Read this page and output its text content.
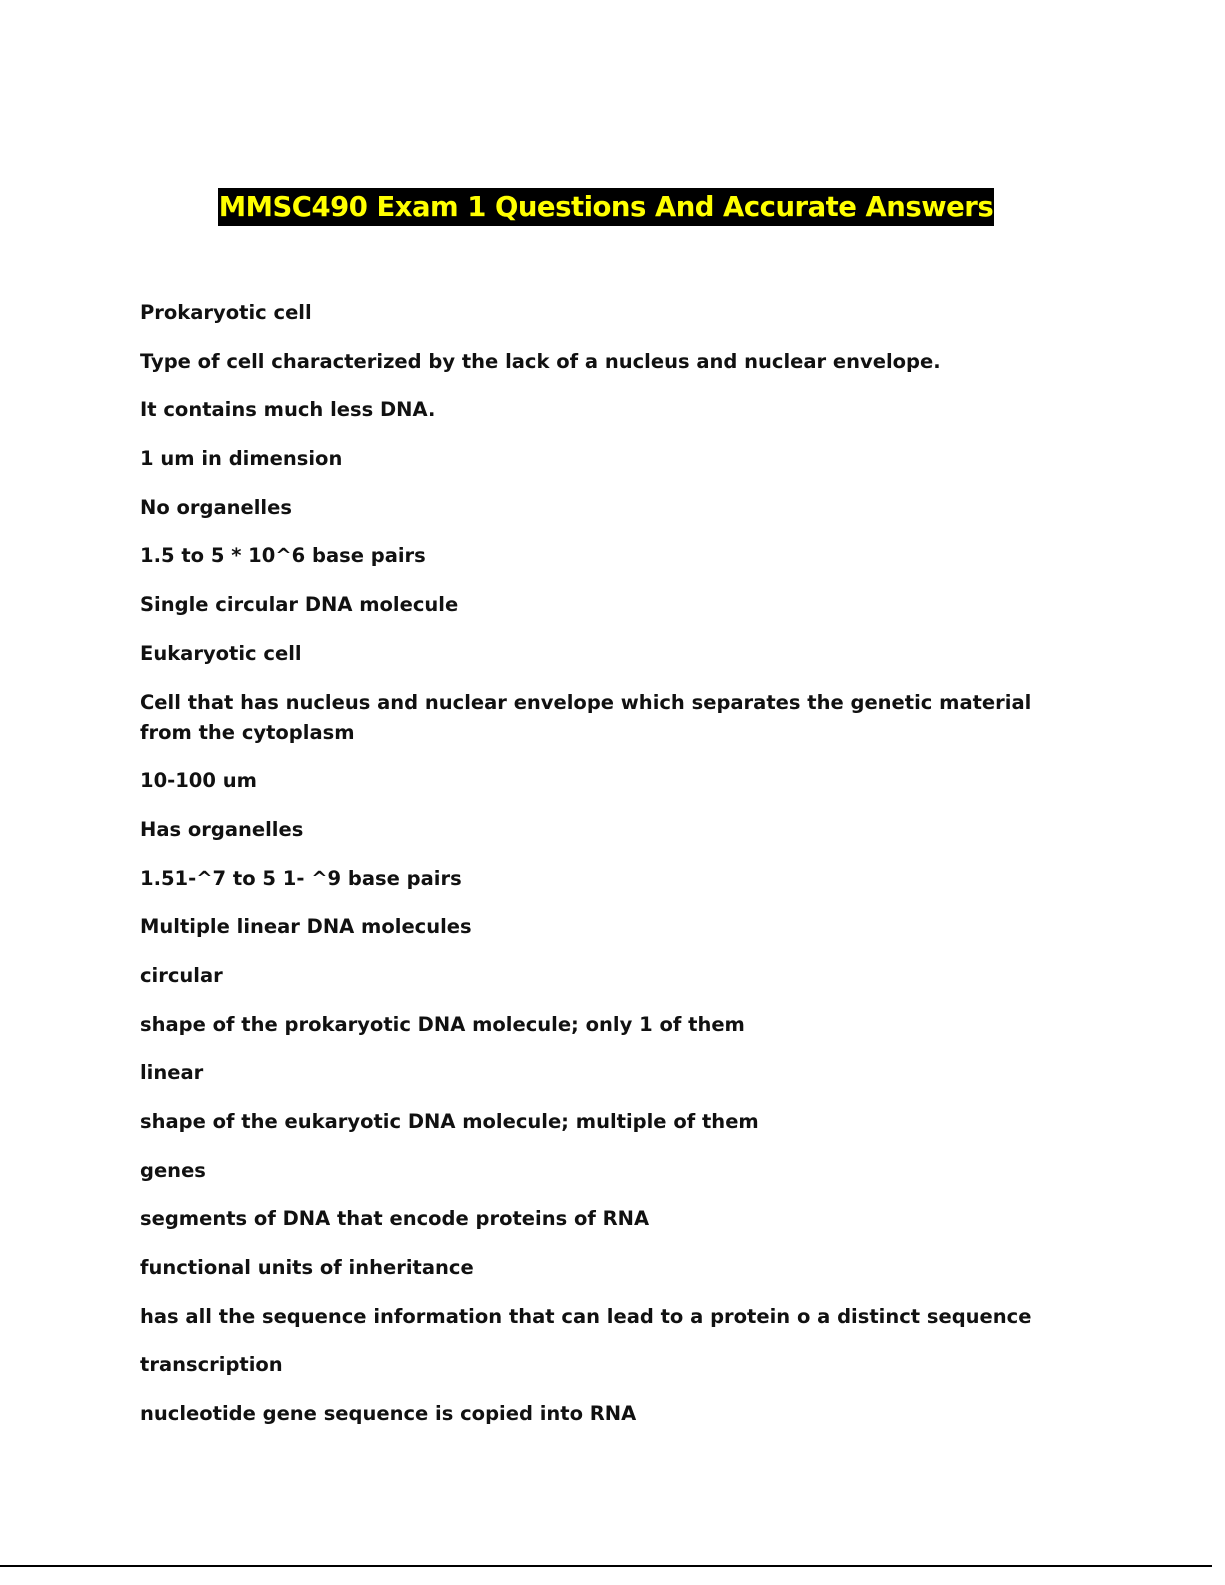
MMSC490 Exam 1 Questions And Accurate Answers
Prokaryotic cell
Type of cell characterized by the lack of a nucleus and nuclear envelope.
It contains much less DNA.
1 um in dimension
No organelles
1.5 to 5 * 10^6 base pairs
Single circular DNA molecule
Eukaryotic cell
Cell that has nucleus and nuclear envelope which separates the genetic material from the cytoplasm
10-100 um
Has organelles
1.51-^7 to 5 1- ^9 base pairs
Multiple linear DNA molecules
circular
shape of the prokaryotic DNA molecule; only 1 of them
linear
shape of the eukaryotic DNA molecule; multiple of them
genes
segments of DNA that encode proteins of RNA
functional units of inheritance
has all the sequence information that can lead to a protein o a distinct sequence
transcription
nucleotide gene sequence is copied into RNA
